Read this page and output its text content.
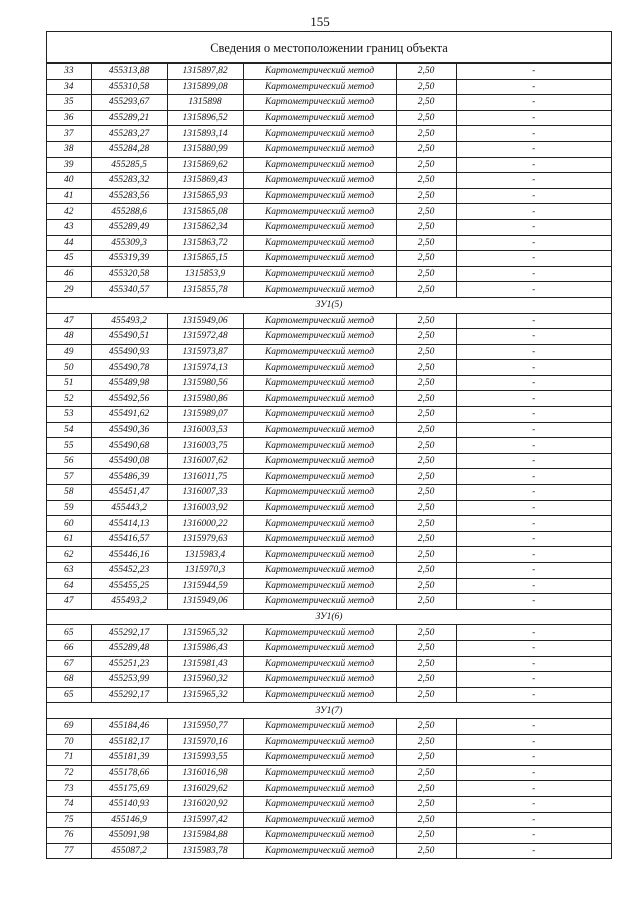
155
Сведения о местоположении границ объекта
33	455313,88	1315897,82	Картометрический метод	2,50	-
34	455310,58	1315899,08	Картометрический метод	2,50	-
35	455293,67	1315898	Картометрический метод	2,50	-
36	455289,21	1315896,52	Картометрический метод	2,50	-
37	455283,27	1315893,14	Картометрический метод	2,50	-
38	455284,28	1315880,99	Картометрический метод	2,50	-
39	455285,5	1315869,62	Картометрический метод	2,50	-
40	455283,32	1315869,43	Картометрический метод	2,50	-
41	455283,56	1315865,93	Картометрический метод	2,50	-
42	455288,6	1315865,08	Картометрический метод	2,50	-
43	455289,49	1315862,34	Картометрический метод	2,50	-
44	455309,3	1315863,72	Картометрический метод	2,50	-
45	455319,39	1315865,15	Картометрический метод	2,50	-
46	455320,58	1315853,9	Картометрический метод	2,50	-
29	455340,57	1315855,78	Картометрический метод	2,50	-
ЗУ1(5)					
47	455493,2	1315949,06	Картометрический метод	2,50	-
48	455490,51	1315972,48	Картометрический метод	2,50	-
49	455490,93	1315973,87	Картометрический метод	2,50	-
50	455490,78	1315974,13	Картометрический метод	2,50	-
51	455489,98	1315980,56	Картометрический метод	2,50	-
52	455492,56	1315980,86	Картометрический метод	2,50	-
53	455491,62	1315989,07	Картометрический метод	2,50	-
54	455490,36	1316003,53	Картометрический метод	2,50	-
55	455490,68	1316003,75	Картометрический метод	2,50	-
56	455490,08	1316007,62	Картометрический метод	2,50	-
57	455486,39	1316011,75	Картометрический метод	2,50	-
58	455451,47	1316007,33	Картометрический метод	2,50	-
59	455443,2	1316003,92	Картометрический метод	2,50	-
60	455414,13	1316000,22	Картометрический метод	2,50	-
61	455416,57	1315979,63	Картометрический метод	2,50	-
62	455446,16	1315983,4	Картометрический метод	2,50	-
63	455452,23	1315970,3	Картометрический метод	2,50	-
64	455455,25	1315944,59	Картометрический метод	2,50	-
47	455493,2	1315949,06	Картометрический метод	2,50	-
ЗУ1(6)					
65	455292,17	1315965,32	Картометрический метод	2,50	-
66	455289,48	1315986,43	Картометрический метод	2,50	-
67	455251,23	1315981,43	Картометрический метод	2,50	-
68	455253,99	1315960,32	Картометрический метод	2,50	-
65	455292,17	1315965,32	Картометрический метод	2,50	-
ЗУ1(7)					
69	455184,46	1315950,77	Картометрический метод	2,50	-
70	455182,17	1315970,16	Картометрический метод	2,50	-
71	455181,39	1315993,55	Картометрический метод	2,50	-
72	455178,66	1316016,98	Картометрический метод	2,50	-
73	455175,69	1316029,62	Картометрический метод	2,50	-
74	455140,93	1316020,92	Картометрический метод	2,50	-
75	455146,9	1315997,42	Картометрический метод	2,50	-
76	455091,98	1315984,88	Картометрический метод	2,50	-
77	455087,2	1315983,78	Картометрический метод	2,50	-
